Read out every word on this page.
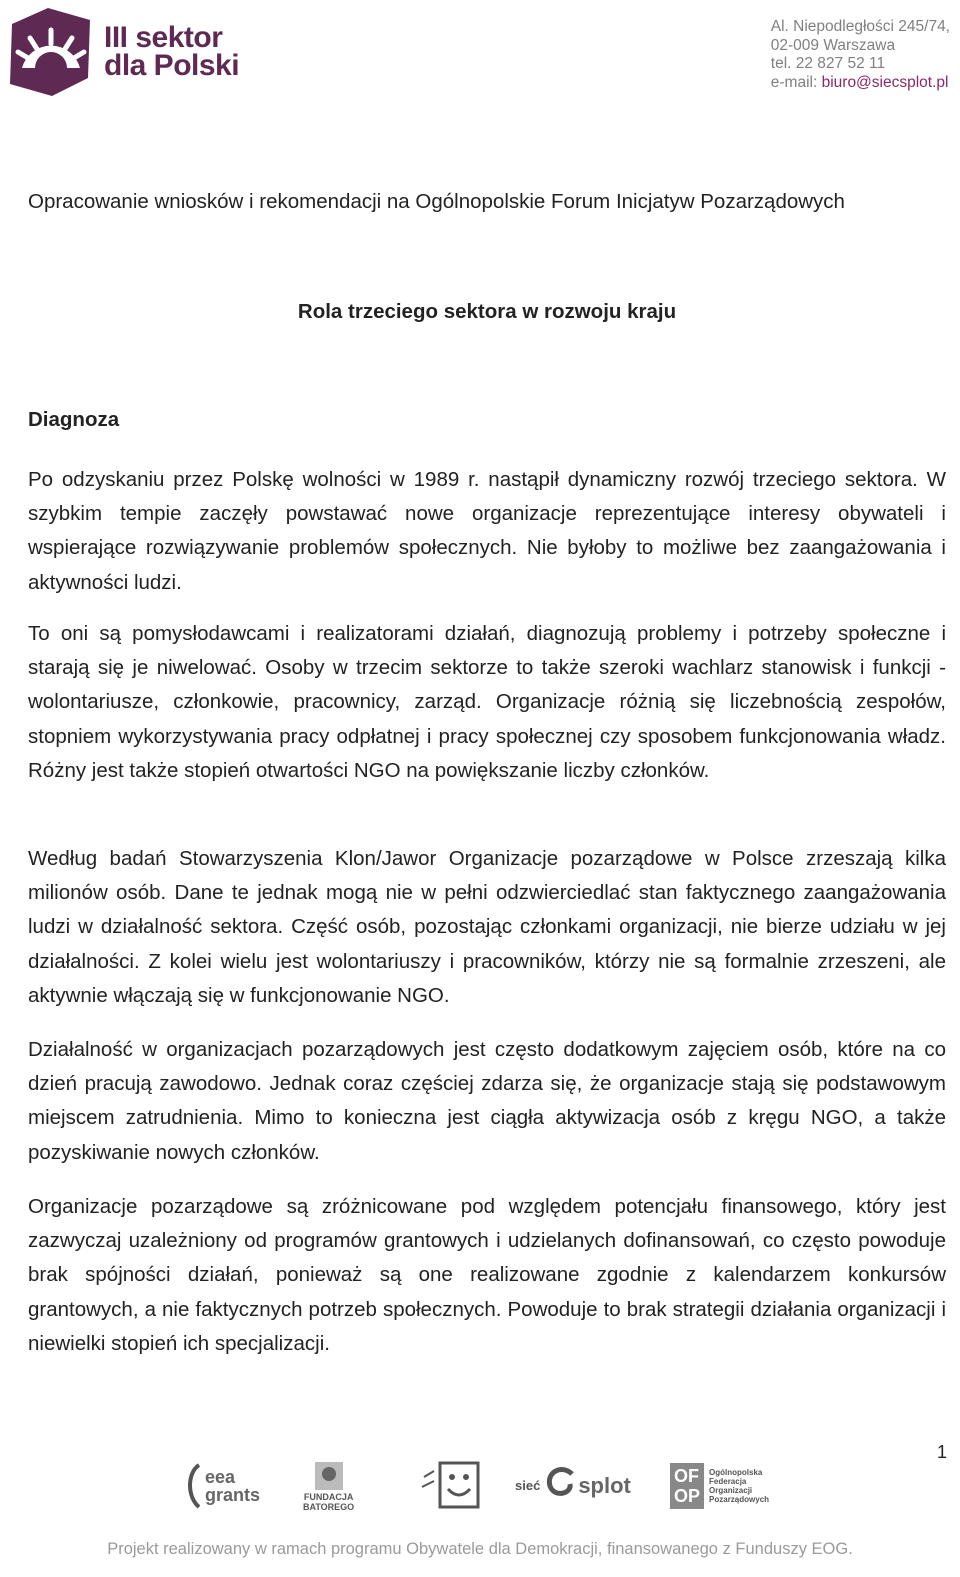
III sektor
dla Polski
Al. Niepodległości 245/74,
02-009 Warszawa
tel. 22 827 52 11
e-mail: biuro@siecsplot.pl
Opracowanie wniosków i rekomendacji na Ogólnopolskie Forum Inicjatyw Pozarządowych
Rola trzeciego sektora w rozwoju kraju
Diagnoza
Po odzyskaniu przez Polskę wolności w 1989 r. nastąpił dynamiczny rozwój trzeciego sektora. W szybkim tempie zaczęły powstawać nowe organizacje reprezentujące interesy obywateli i wspierające rozwiązywanie problemów społecznych. Nie byłoby to możliwe bez zaangażowania i aktywności ludzi.
To oni są pomysłodawcami i realizatorami działań, diagnozują problemy i potrzeby społeczne i starają się je niwelować. Osoby w trzecim sektorze to także szeroki wachlarz stanowisk i funkcji - wolontariusze, członkowie, pracownicy, zarząd. Organizacje różnią się liczebnością zespołów, stopniem wykorzystywania pracy odpłatnej i pracy społecznej czy sposobem funkcjonowania władz. Różny jest także stopień otwartości NGO na powiększanie liczby członków.
Według badań Stowarzyszenia Klon/Jawor Organizacje pozarządowe w Polsce zrzeszają kilka milionów osób. Dane te jednak mogą nie w pełni odzwierciedlać stan faktycznego zaangażowania ludzi w działalność sektora. Część osób, pozostając członkami organizacji, nie bierze udziału w jej działalności. Z kolei wielu jest wolontariuszy i pracowników, którzy nie są formalnie zrzeszeni, ale aktywnie włączają się w funkcjonowanie NGO.
Działalność w organizacjach pozarządowych jest często dodatkowym zajęciem osób, które na co dzień pracują zawodowo. Jednak coraz częściej zdarza się, że organizacje stają się podstawowym miejscem zatrudnienia. Mimo to konieczna jest ciągła aktywizacja osób z kręgu NGO, a także pozyskiwanie nowych członków.
Organizacje pozarządowe są zróżnicowane pod względem potencjału finansowego, który jest zazwyczaj uzależniony od programów grantowych i udzielanych dofinansowań, co często powoduje brak spójności działań, ponieważ są one realizowane zgodnie z kalendarzem konkursów grantowych, a nie faktycznych potrzeb społecznych. Powoduje to brak strategii działania organizacji i niewielki stopień ich specjalizacji.
1
eea
grants	FUNDACJA
BATOREGO
sieć splot OF
OP
Ogólnopolska
Federacja
Organizacji
Pozarządowych
Projekt realizowany w ramach programu Obywatele dla Demokracji, finansowanego z Funduszy EOG.
